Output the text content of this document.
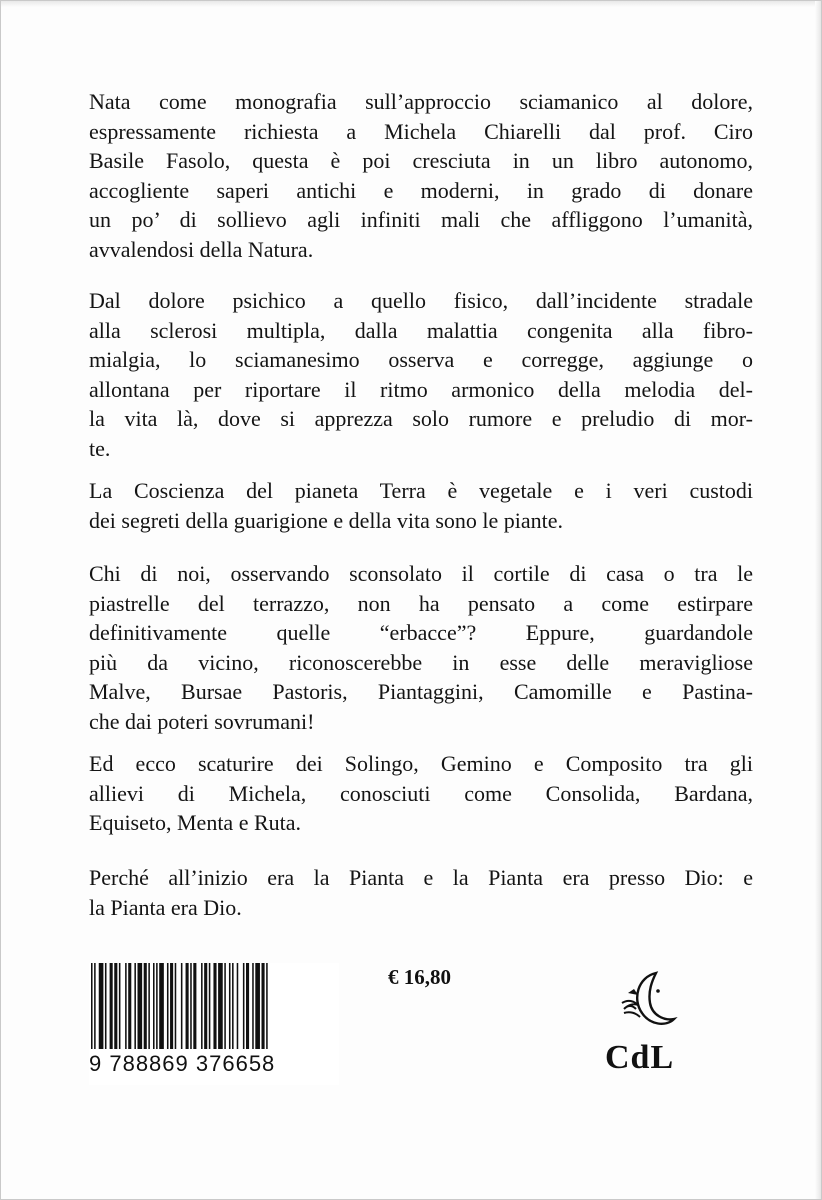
Nata come monografia sull’approccio sciamanico al dolore,
espressamente richiesta a Michela Chiarelli dal prof. Ciro
Basile Fasolo, questa è poi cresciuta in un libro autonomo,
accogliente saperi antichi e moderni, in grado di donare
un po’ di sollievo agli infiniti mali che affliggono l’umanità,
avvalendosi della Natura.
Dal dolore psichico a quello fisico, dall’incidente stradale
alla sclerosi multipla, dalla malattia congenita alla fibro-
mialgia, lo sciamanesimo osserva e corregge, aggiunge o
allontana per riportare il ritmo armonico della melodia del-
la vita là, dove si apprezza solo rumore e preludio di mor-
te.
La Coscienza del pianeta Terra è vegetale e i veri custodi
dei segreti della guarigione e della vita sono le piante.
Chi di noi, osservando sconsolato il cortile di casa o tra le
piastrelle del terrazzo, non ha pensato a come estirpare
definitivamente quelle “erbacce”? Eppure, guardandole
più da vicino, riconoscerebbe in esse delle meravigliose
Malve, Bursae Pastoris, Piantaggini, Camomille e Pastina-
che dai poteri sovrumani!
Ed ecco scaturire dei Solingo, Gemino e Composito tra gli
allievi di Michela, conosciuti come Consolida, Bardana,
Equiseto, Menta e Ruta.
Perché all’inizio era la Pianta e la Pianta era presso Dio: e
la Pianta era Dio.
9 788869 376658
€ 16,80
CdL
